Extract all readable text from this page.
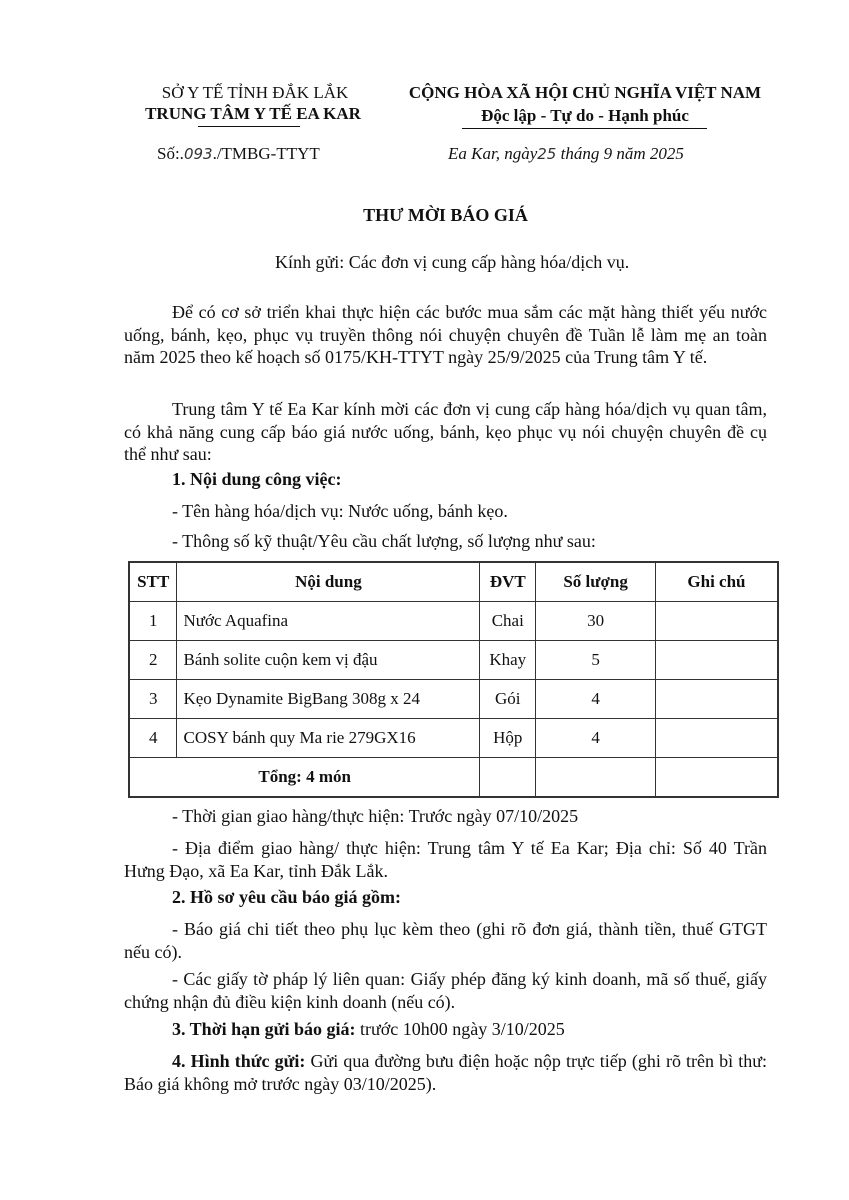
SỞ Y TẾ TỈNH ĐẮK LẮK
TRUNG TÂM Y TẾ EA KAR
Số:.093./TMBG-TTYT
CỘNG HÒA XÃ HỘI CHỦ NGHĨA VIỆT NAM
Độc lập - Tự do - Hạnh phúc
Ea Kar, ngày25 tháng 9 năm 2025
THƯ MỜI BÁO GIÁ
Kính gửi: Các đơn vị cung cấp hàng hóa/dịch vụ.
Để có cơ sở triển khai thực hiện các bước mua sắm các mặt hàng thiết yếu nước uống, bánh, kẹo, phục vụ truyền thông nói chuyện chuyên đề Tuần lễ làm mẹ an toàn năm 2025 theo kế hoạch số 0175/KH-TTYT ngày 25/9/2025 của Trung tâm Y tế.
Trung tâm Y tế Ea Kar kính mời các đơn vị cung cấp hàng hóa/dịch vụ quan tâm, có khả năng cung cấp báo giá nước uống, bánh, kẹo phục vụ nói chuyện chuyên đề cụ thể như sau:
1. Nội dung công việc:
- Tên hàng hóa/dịch vụ: Nước uống, bánh kẹo.
- Thông số kỹ thuật/Yêu cầu chất lượng, số lượng như sau:
STT	Nội dung	ĐVT	Số lượng	Ghi chú
1	Nước Aquafina	Chai	30	
2	Bánh solite cuộn kem vị đậu	Khay	5	
3	Kẹo Dynamite BigBang 308g x 24	Gói	4	
4	COSY bánh quy Ma rie 279GX16	Hộp	4	
Tổng: 4 món				
- Thời gian giao hàng/thực hiện: Trước ngày 07/10/2025
- Địa điểm giao hàng/ thực hiện: Trung tâm Y tế Ea Kar; Địa chỉ: Số 40 Trần Hưng Đạo, xã Ea Kar, tỉnh Đắk Lắk.
2. Hồ sơ yêu cầu báo giá gồm:
- Báo giá chi tiết theo phụ lục kèm theo (ghi rõ đơn giá, thành tiền, thuế GTGT nếu có).
- Các giấy tờ pháp lý liên quan: Giấy phép đăng ký kinh doanh, mã số thuế, giấy chứng nhận đủ điều kiện kinh doanh (nếu có).
3. Thời hạn gửi báo giá: trước 10h00 ngày 3/10/2025
4. Hình thức gửi: Gửi qua đường bưu điện hoặc nộp trực tiếp (ghi rõ trên bì thư: Báo giá không mở trước ngày 03/10/2025).
